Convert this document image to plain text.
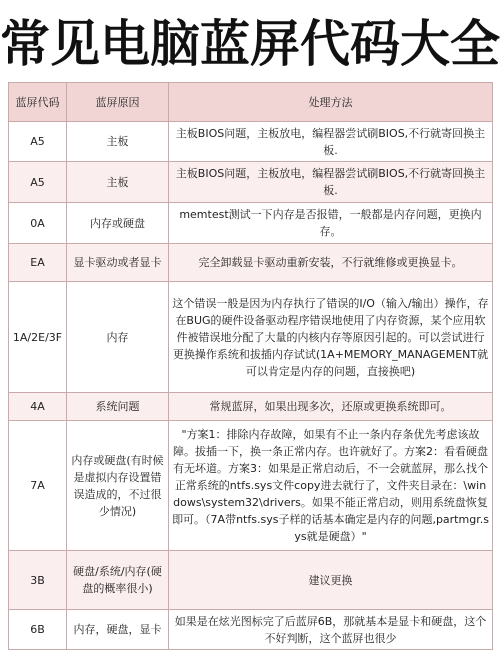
常见电脑蓝屏代码大全
蓝屏代码	蓝屏原因	处理方法
A5	主板	主板BIOS问题，主板放电，编程器尝试刷BIOS,不行就寄回换主板.
A5	主板	主板BIOS问题，主板放电，编程器尝试刷BIOS,不行就寄回换主板.
0A	内存或硬盘	memtest测试一下内存是否报错，一般都是内存问题，更换内存。
EA	显卡驱动或者显卡	完全卸载显卡驱动重新安装，不行就维修或更换显卡。
1A/2E/3F	内存	这个错误一般是因为内存执行了错误的I/O（输入/输出）操作，存在BUG的硬件设备驱动程序错误地使用了内存资源，某个应用软件被错误地分配了大量的内核内存等原因引起的。可以尝试进行更换操作系统和拔插内存试试(1A+MEMORY_MANAGEMENT就可以肯定是内存的问题，直接换吧)
4A	系统问题	常规蓝屏，如果出现多次，还原或更换系统即可。
7A	内存或硬盘(有时候是虚拟内存设置错误造成的，不过很少情况)	"方案1：排除内存故障，如果有不止一条内存条优先考虑该故障。拔插一下，换一条正常内存。也许就好了。方案2：看看硬盘有无坏道。方案3：如果是正常启动后，不一会就蓝屏，那么找个正常系统的ntfs.sys文件copy进去就行了，文件夹目录在：\windows\system32\drivers。如果不能正常启动，则用系统盘恢复即可。（7A带ntfs.sys子样的话基本确定是内存的问题,partmgr.sys就是硬盘）"
3B	硬盘/系统/内存(硬盘的概率很小)	建议更换
6B	内存，硬盘，显卡	如果是在炫光图标完了后蓝屏6B，那就基本是显卡和硬盘，这个不好判断，这个蓝屏也很少
